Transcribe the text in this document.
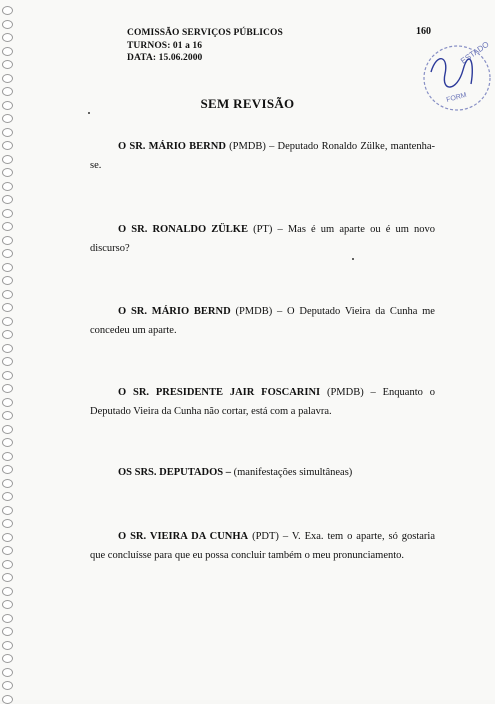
COMISSÃO SERVIÇOS PÚBLICOS
TURNOS: 01 a 16
DATA: 15.06.2000
160
ESTADO
FORM
SEM REVISÃO
O SR. MÁRIO BERND (PMDB) – Deputado Ronaldo Zülke, mantenha-se.
O SR. RONALDO ZÜLKE (PT) – Mas é um aparte ou é um novo discurso?
O SR. MÁRIO BERND (PMDB) – O Deputado Vieira da Cunha me concedeu um aparte.
O SR. PRESIDENTE JAIR FOSCARINI (PMDB) – Enquanto o Deputado Vieira da Cunha não cortar, está com a palavra.
OS SRS. DEPUTADOS – (manifestações simultâneas)
O SR. VIEIRA DA CUNHA (PDT) – V. Exa. tem o aparte, só gostaria que concluísse para que eu possa concluir também o meu pronunciamento.
